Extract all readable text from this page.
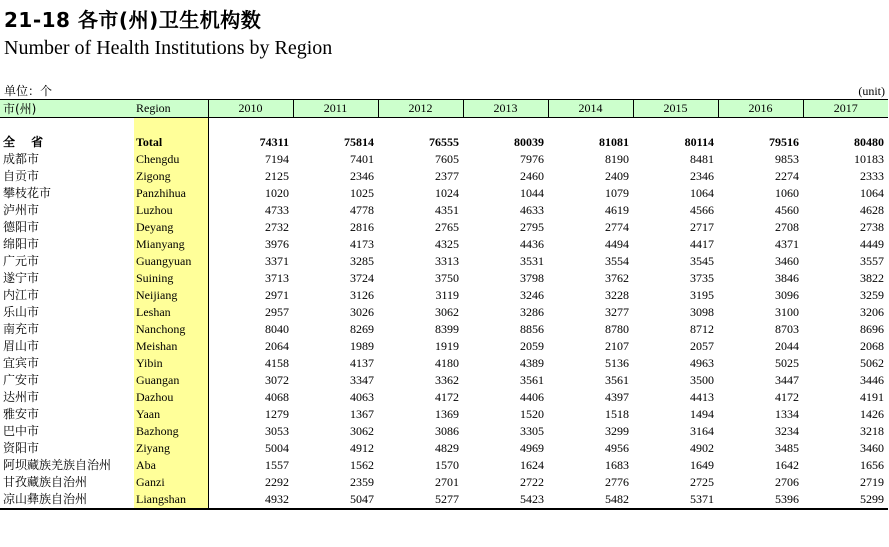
21-18 各市(州)卫生机构数
Number of Health Institutions by Region
单位：个	(unit)
市(州)	Region	2010	2011	2012	2013	2014	2015	2016	2017

全 省	Total	74311	75814	76555	80039	81081	80114	79516	80480
成都市	Chengdu	7194	7401	7605	7976	8190	8481	9853	10183
自贡市	Zigong	2125	2346	2377	2460	2409	2346	2274	2333
攀枝花市	Panzhihua	1020	1025	1024	1044	1079	1064	1060	1064
泸州市	Luzhou	4733	4778	4351	4633	4619	4566	4560	4628
德阳市	Deyang	2732	2816	2765	2795	2774	2717	2708	2738
绵阳市	Mianyang	3976	4173	4325	4436	4494	4417	4371	4449
广元市	Guangyuan	3371	3285	3313	3531	3554	3545	3460	3557
遂宁市	Suining	3713	3724	3750	3798	3762	3735	3846	3822
内江市	Neijiang	2971	3126	3119	3246	3228	3195	3096	3259
乐山市	Leshan	2957	3026	3062	3286	3277	3098	3100	3206
南充市	Nanchong	8040	8269	8399	8856	8780	8712	8703	8696
眉山市	Meishan	2064	1989	1919	2059	2107	2057	2044	2068
宜宾市	Yibin	4158	4137	4180	4389	5136	4963	5025	5062
广安市	Guangan	3072	3347	3362	3561	3561	3500	3447	3446
达州市	Dazhou	4068	4063	4172	4406	4397	4413	4172	4191
雅安市	Yaan	1279	1367	1369	1520	1518	1494	1334	1426
巴中市	Bazhong	3053	3062	3086	3305	3299	3164	3234	3218
资阳市	Ziyang	5004	4912	4829	4969	4956	4902	3485	3460
阿坝藏族羌族自治州	Aba	1557	1562	1570	1624	1683	1649	1642	1656
甘孜藏族自治州	Ganzi	2292	2359	2701	2722	2776	2725	2706	2719
凉山彝族自治州	Liangshan	4932	5047	5277	5423	5482	5371	5396	5299
